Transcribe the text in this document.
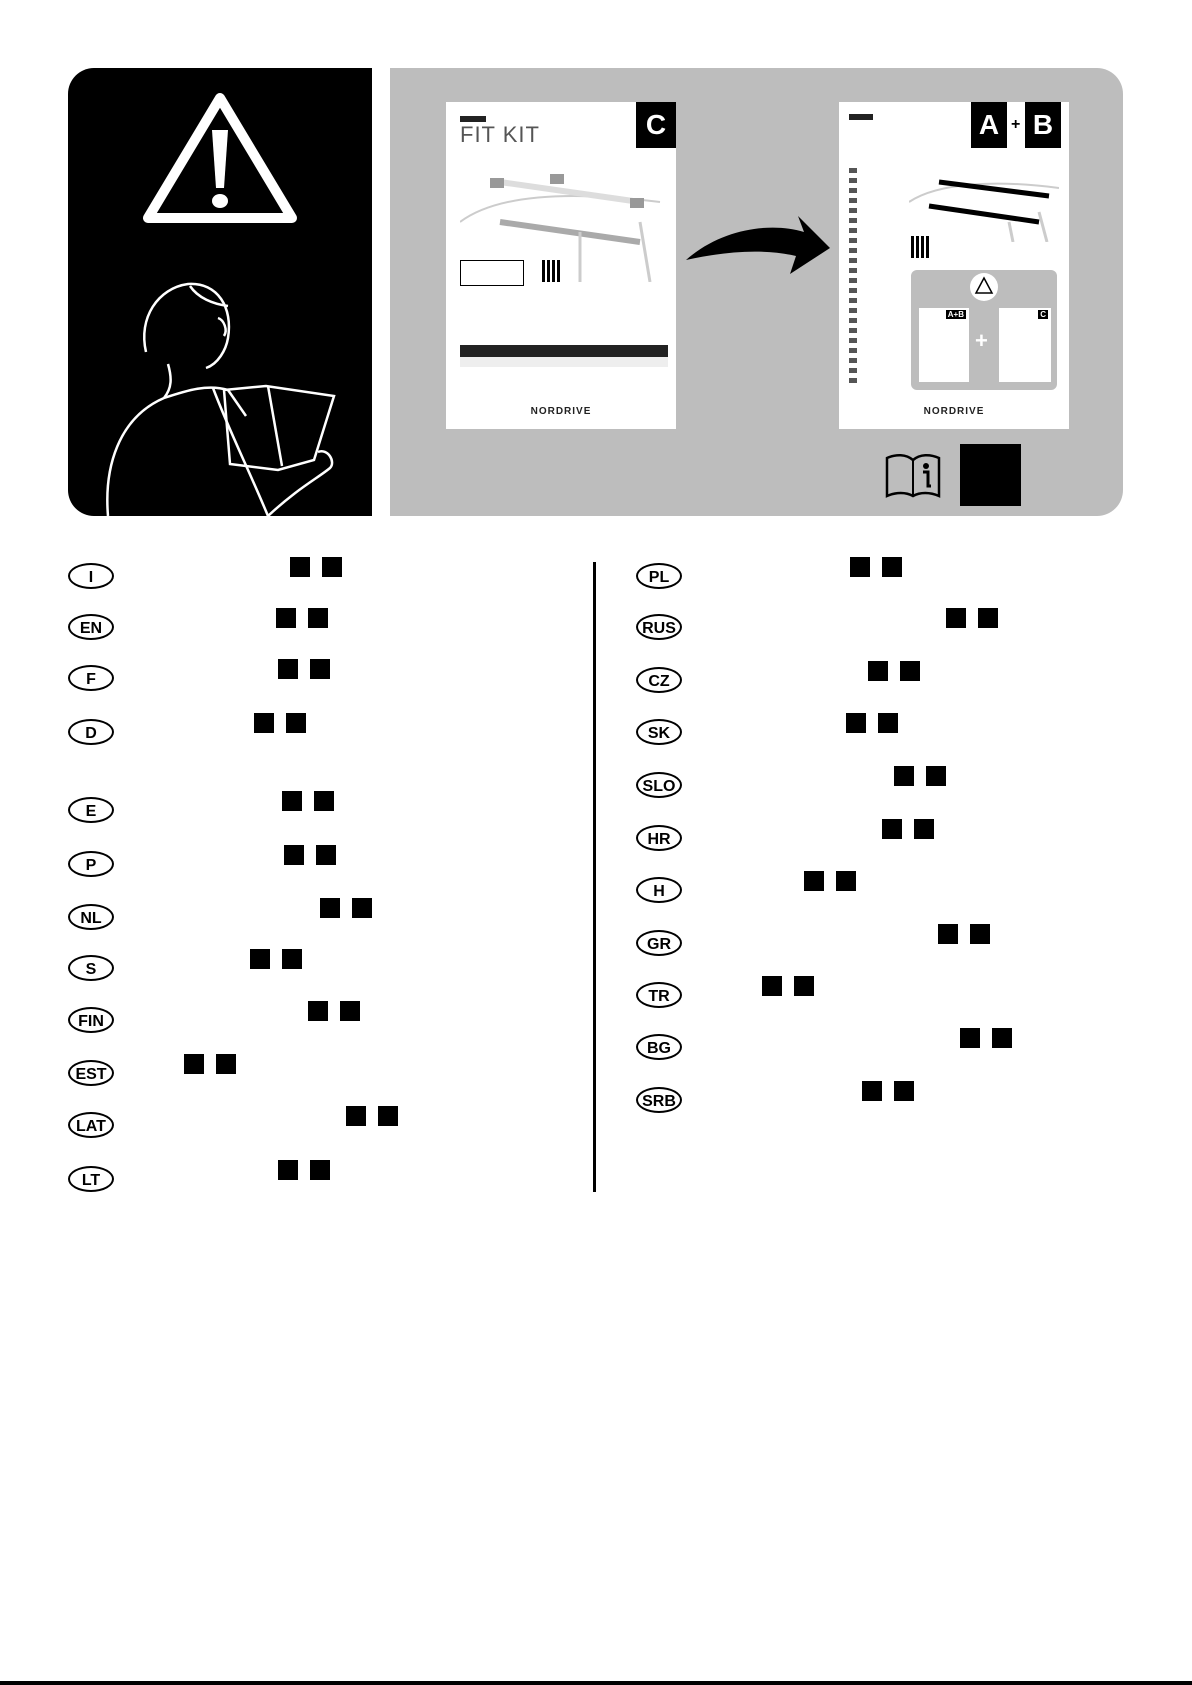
FIT KIT	C
NORDRIVE
A + B
A+B
+
C
NORDRIVE
I
EN
F
D
E
P
NL
S
FIN
EST
LAT
LT
PL
RUS
CZ
SK
SLO
HR
H
GR
TR
BG
SRB
